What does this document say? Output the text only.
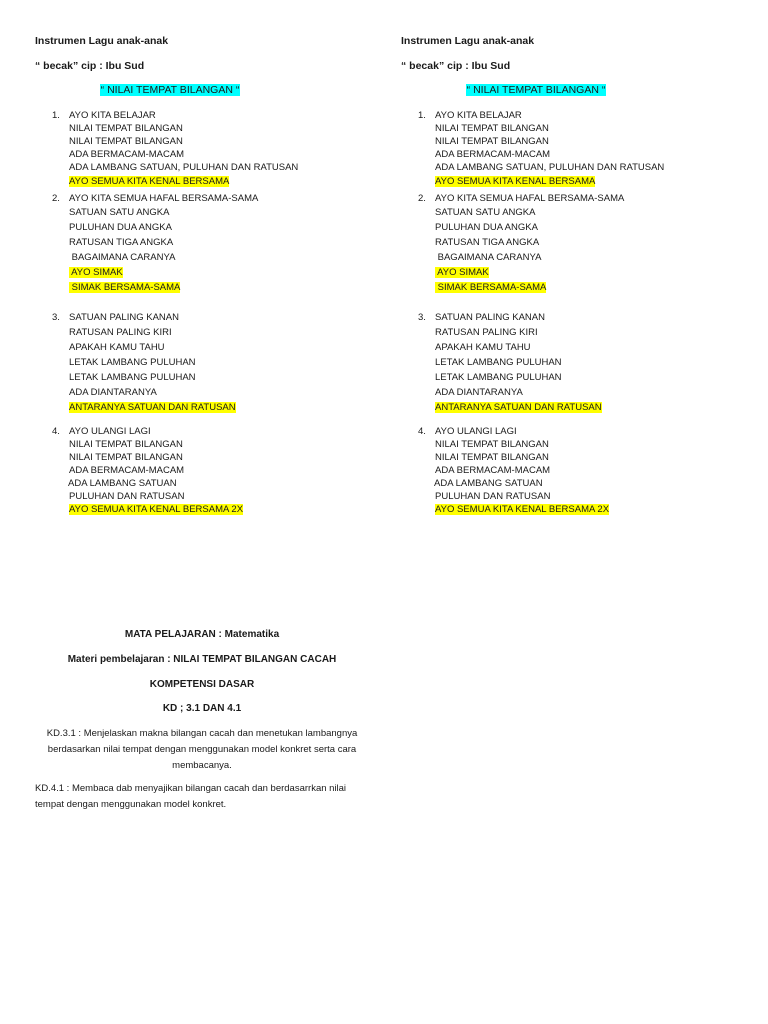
Instrumen Lagu anak-anak
“ becak” cip : Ibu Sud
“ NILAI TEMPAT BILANGAN “
1. AYO KITA BELAJAR
NILAI TEMPAT BILANGAN
NILAI TEMPAT BILANGAN
ADA BERMACAM-MACAM
ADA LAMBANG SATUAN, PULUHAN DAN RATUSAN
AYO SEMUA KITA KENAL BERSAMA
2. AYO KITA SEMUA HAFAL BERSAMA-SAMA
SATUAN SATU ANGKA
PULUHAN DUA ANGKA
RATUSAN TIGA ANGKA
BAGAIMANA CARANYA
AYO SIMAK
SIMAK BERSAMA-SAMA
3. SATUAN PALING KANAN
RATUSAN PALING KIRI
APAKAH KAMU TAHU
LETAK LAMBANG PULUHAN
LETAK LAMBANG PULUHAN
ADA DIANTARANYA
ANTARANYA SATUAN DAN RATUSAN
4. AYO ULANGI LAGI
NILAI TEMPAT BILANGAN
NILAI TEMPAT BILANGAN
ADA BERMACAM-MACAM
ADA LAMBANG SATUAN
PULUHAN DAN RATUSAN
AYO SEMUA KITA KENAL BERSAMA 2X
Instrumen Lagu anak-anak
“ becak” cip : Ibu Sud
“ NILAI TEMPAT BILANGAN “
1. AYO KITA BELAJAR
NILAI TEMPAT BILANGAN
NILAI TEMPAT BILANGAN
ADA BERMACAM-MACAM
ADA LAMBANG SATUAN, PULUHAN DAN RATUSAN
AYO SEMUA KITA KENAL BERSAMA
2. AYO KITA SEMUA HAFAL BERSAMA-SAMA
SATUAN SATU ANGKA
PULUHAN DUA ANGKA
RATUSAN TIGA ANGKA
BAGAIMANA CARANYA
AYO SIMAK
SIMAK BERSAMA-SAMA
3. SATUAN PALING KANAN
RATUSAN PALING KIRI
APAKAH KAMU TAHU
LETAK LAMBANG PULUHAN
LETAK LAMBANG PULUHAN
ADA DIANTARANYA
ANTARANYA SATUAN DAN RATUSAN
4. AYO ULANGI LAGI
NILAI TEMPAT BILANGAN
NILAI TEMPAT BILANGAN
ADA BERMACAM-MACAM
ADA LAMBANG SATUAN
PULUHAN DAN RATUSAN
AYO SEMUA KITA KENAL BERSAMA 2X
MATA PELAJARAN : Matematika
Materi pembelajaran : NILAI TEMPAT BILANGAN CACAH
KOMPETENSI DASAR
KD ; 3.1 DAN 4.1
KD.3.1 : Menjelaskan makna bilangan cacah dan menetukan lambangnya berdasarkan nilai tempat dengan menggunakan model konkret serta cara membacanya.
KD.4.1 : Membaca dab menyajikan bilangan cacah dan berdasarrkan nilai tempat dengan menggunakan model konkret.
